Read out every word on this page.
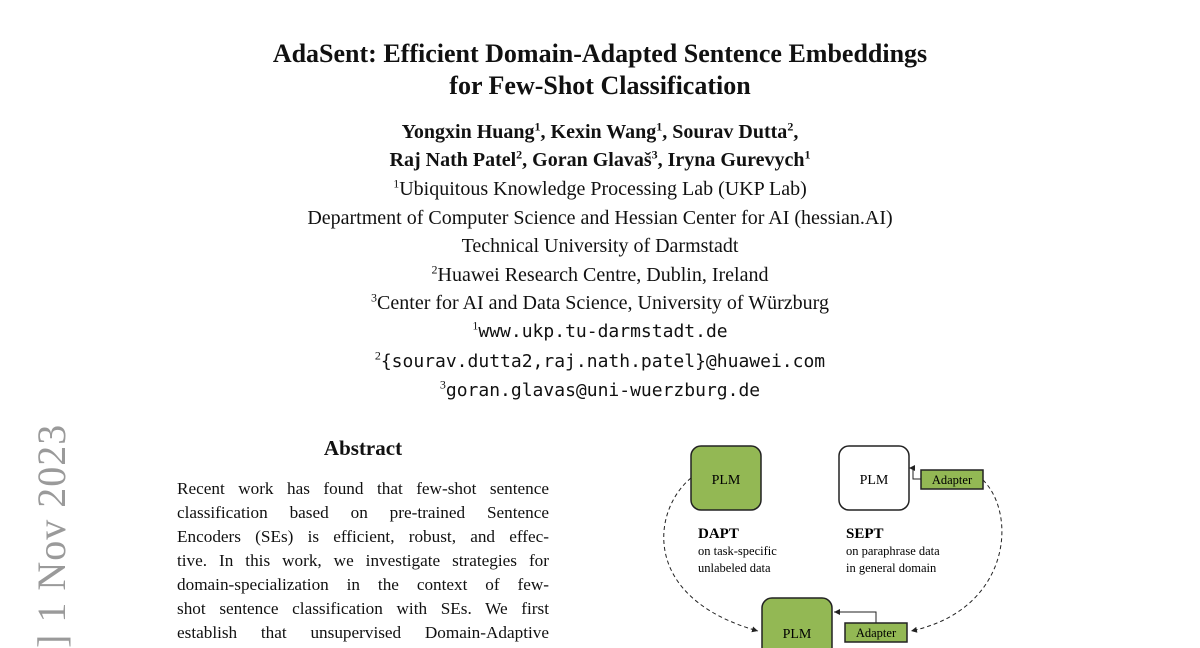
] 1 Nov 2023
AdaSent: Efficient Domain-Adapted Sentence Embeddings
for Few-Shot Classification
Yongxin Huang$^1$, Kexin Wang$^1$, Sourav Dutta$^2$,
Raj Nath Patel$^2$, Goran Glavaš$^3$, Iryna Gurevych$^1$
$^1$Ubiquitous Knowledge Processing Lab (UKP Lab)
Department of Computer Science and Hessian Center for AI (hessian.AI)
Technical University of Darmstadt
$^2$Huawei Research Centre, Dublin, Ireland
$^3$Center for AI and Data Science, University of Würzburg
$^1$www.ukp.tu-darmstadt.de
$^2${sourav.dutta2,raj.nath.patel}@huawei.com
$^3$goran.glavas@uni-wuerzburg.de
Abstract
Recent work has found that few-shot sentence
classification based on pre-trained Sentence
Encoders (SEs) is efficient, robust, and effec-
tive. In this work, we investigate strategies for
domain-specialization in the context of few-
shot sentence classification with SEs. We first
establish that unsupervised Domain-Adaptive
PLM	PLM	Adapter
DAPT
on task-specific
unlabeled data
SEPT
on paraphrase data
in general domain
PLM	Adapter
